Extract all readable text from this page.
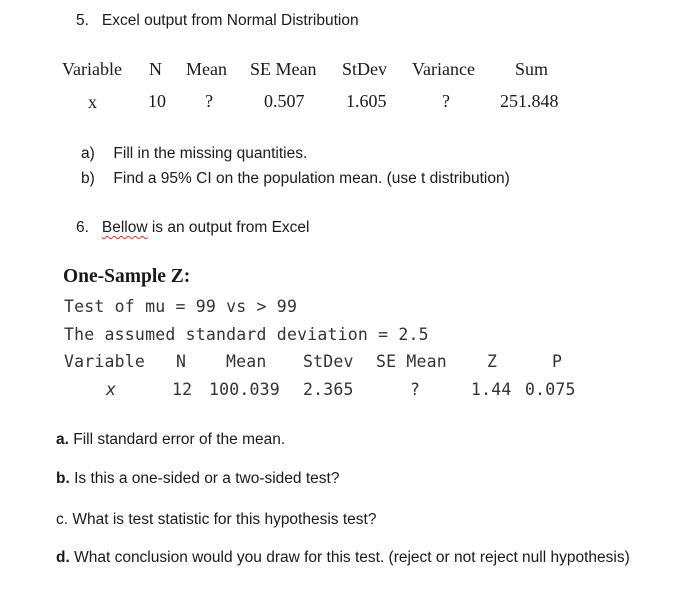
5. Excel output from Normal Distribution
Variable N Mean SE Mean StDev Variance Sum
x	10 ?	0.507 1.605	?	251.848
a) Fill in the missing quantities.
b) Find a 95% CI on the population mean. (use t distribution)
6. Bellow is an output from Excel
One-Sample Z:
Test of mu = 99 vs > 99
The assumed standard deviation = 2.5
Variable N Mean StDev SE Mean Z	P
x	12 100.039 2.365	?	1.44 0.075
a. Fill standard error of the mean.
b. Is this a one-sided or a two-sided test?
c. What is test statistic for this hypothesis test?
d. What conclusion would you draw for this test. (reject or not reject null hypothesis)
